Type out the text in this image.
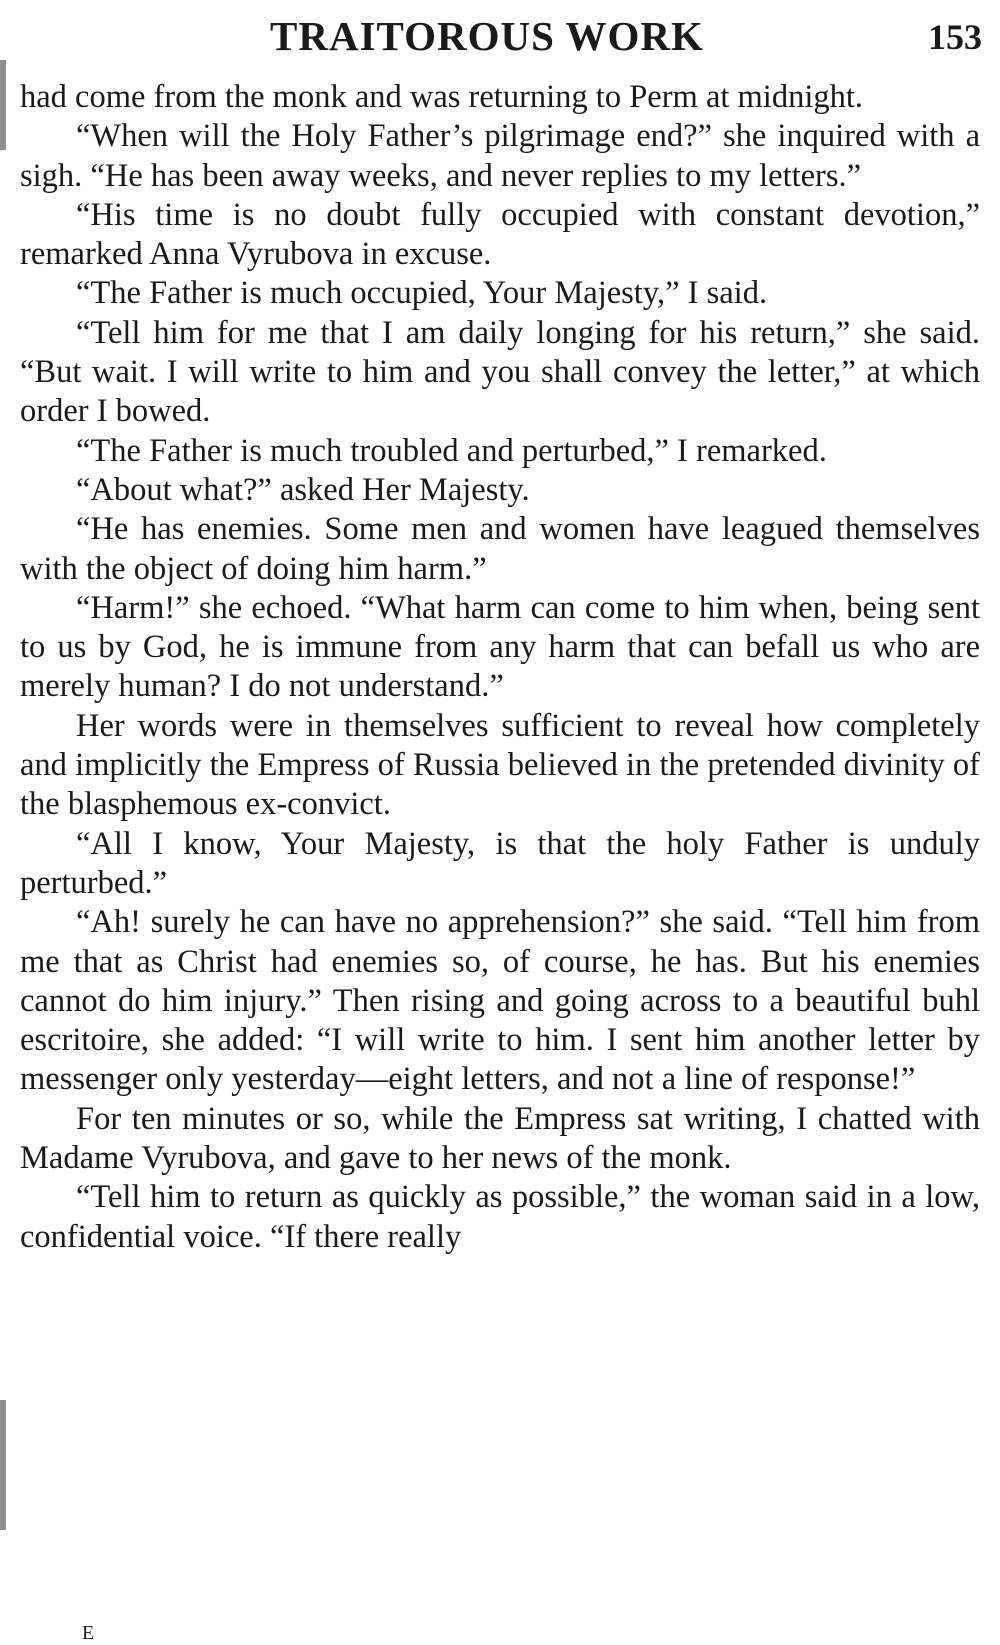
TRAITOROUS WORK	153

had come from the monk and was returning to Perm at midnight.

“When will the Holy Father’s pilgrimage end?” she inquired with a sigh. “He has been away weeks, and never replies to my letters.”

“His time is no doubt fully occupied with constant devotion,” remarked Anna Vyrubova in excuse.

“The Father is much occupied, Your Majesty,” I said.

“Tell him for me that I am daily longing for his return,” she said. “But wait. I will write to him and you shall convey the letter,” at which order I bowed.

“The Father is much troubled and perturbed,” I remarked.

“About what?” asked Her Majesty.

“He has enemies. Some men and women have leagued themselves with the object of doing him harm.”

“Harm!” she echoed. “What harm can come to him when, being sent to us by God, he is immune from any harm that can befall us who are merely human? I do not understand.”

Her words were in themselves sufficient to reveal how completely and implicitly the Empress of Russia believed in the pretended divinity of the blasphemous ex-convict.

“All I know, Your Majesty, is that the holy Father is unduly perturbed.”

“Ah! surely he can have no apprehension?” she said. “Tell him from me that as Christ had enemies so, of course, he has. But his enemies cannot do him injury.” Then rising and going across to a beautiful buhl escritoire, she added: “I will write to him. I sent him another letter by messenger only yesterday—eight letters, and not a line of response!”

For ten minutes or so, while the Empress sat writing, I chatted with Madame Vyrubova, and gave to her news of the monk.

“Tell him to return as quickly as possible,” the woman said in a low, confidential voice. “If there really

E
